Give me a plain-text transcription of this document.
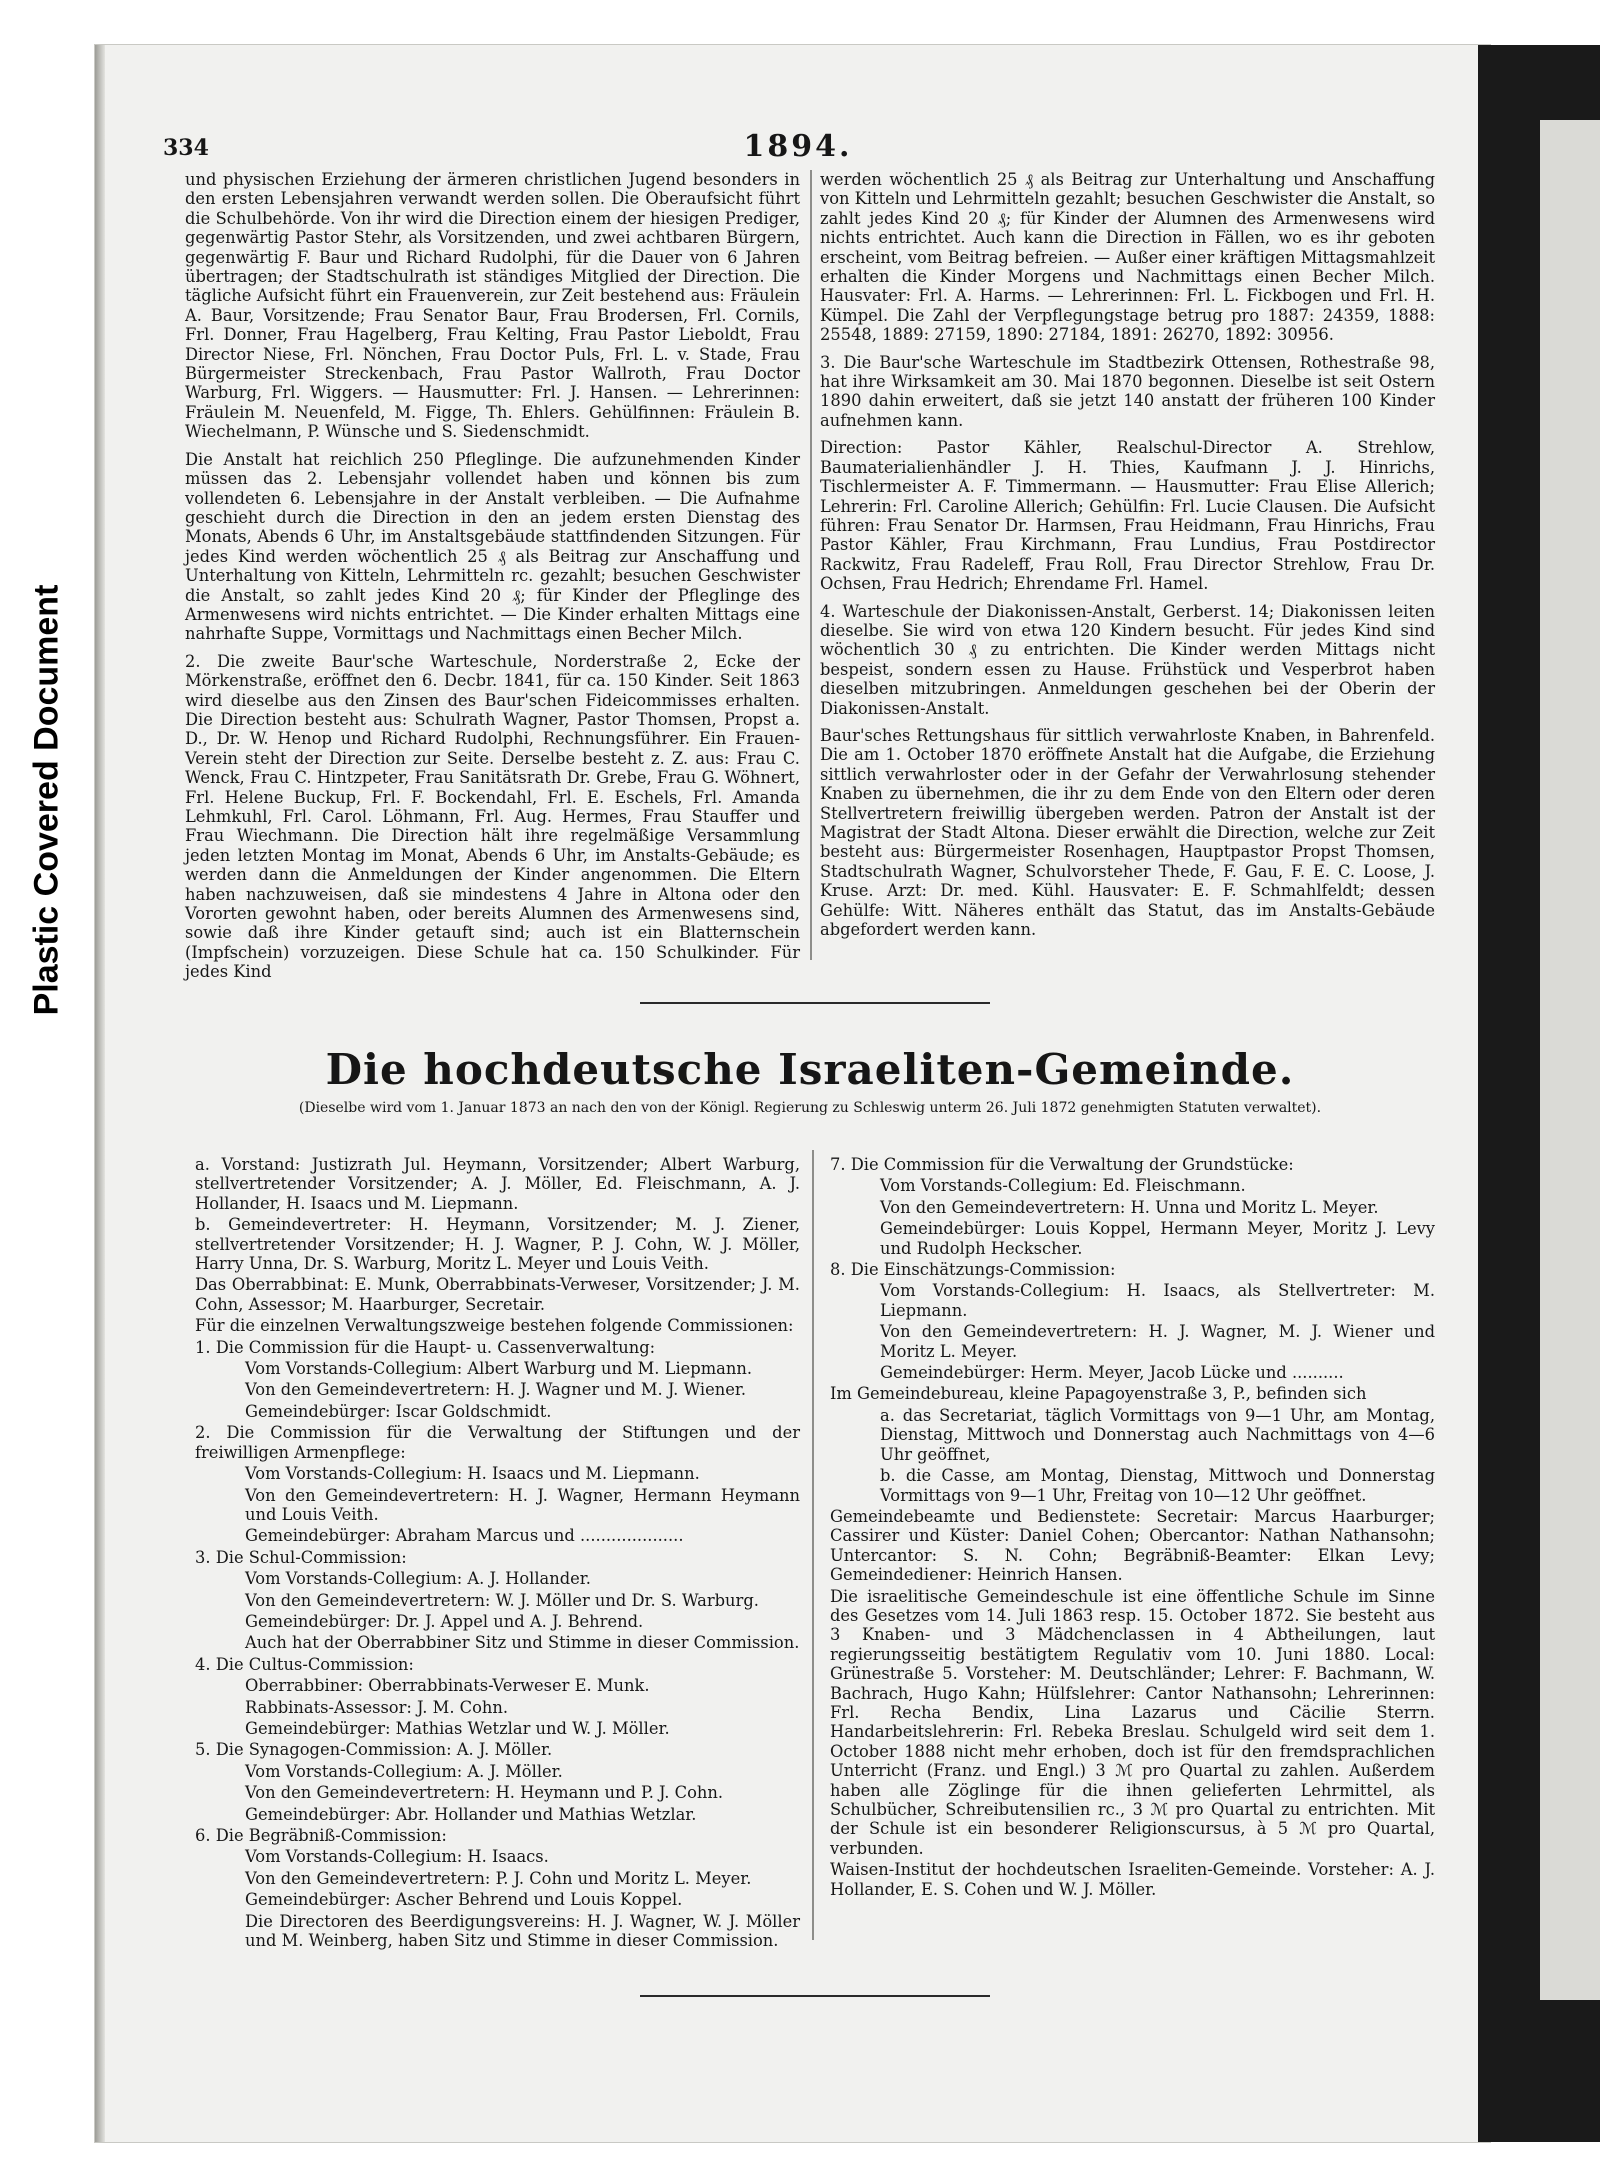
Plastic Covered Document
334	1894.

und physischen Erziehung der ärmeren christlichen Jugend besonders in den ersten Lebensjahren verwandt werden sollen. Die Oberaufsicht führt die Schulbehörde. Von ihr wird die Direction einem der hiesigen Prediger, gegenwärtig Pastor Stehr, als Vorsitzenden, und zwei achtbaren Bürgern, gegenwärtig F. Baur und Richard Rudolphi, für die Dauer von 6 Jahren übertragen; der Stadtschulrath ist ständiges Mitglied der Direction. Die tägliche Aufsicht führt ein Frauenverein, zur Zeit bestehend aus: Fräulein A. Baur, Vorsitzende; Frau Senator Baur, Frau Brodersen, Frl. Cornils, Frl. Donner, Frau Hagelberg, Frau Kelting, Frau Pastor Lieboldt, Frau Director Niese, Frl. Nönchen, Frau Doctor Puls, Frl. L. v. Stade, Frau Bürgermeister Streckenbach, Frau Pastor Wallroth, Frau Doctor Warburg, Frl. Wiggers. — Hausmutter: Frl. J. Hansen. — Lehrerinnen: Fräulein M. Neuenfeld, M. Figge, Th. Ehlers. Gehülfinnen: Fräulein B. Wiechelmann, P. Wünsche und S. Siedenschmidt.

Die Anstalt hat reichlich 250 Pfleglinge. Die aufzunehmenden Kinder müssen das 2. Lebensjahr vollendet haben und können bis zum vollendeten 6. Lebensjahre in der Anstalt verbleiben. — Die Aufnahme geschieht durch die Direction in den an jedem ersten Dienstag des Monats, Abends 6 Uhr, im Anstaltsgebäude stattfindenden Sitzungen. Für jedes Kind werden wöchentlich 25 ₰ als Beitrag zur Anschaffung und Unterhaltung von Kitteln, Lehrmitteln rc. gezahlt; besuchen Geschwister die Anstalt, so zahlt jedes Kind 20 ₰; für Kinder der Pfleglinge des Armenwesens wird nichts entrichtet. — Die Kinder erhalten Mittags eine nahrhafte Suppe, Vormittags und Nachmittags einen Becher Milch.

2. Die zweite Baur'sche Warteschule, Norderstraße 2, Ecke der Mörkenstraße, eröffnet den 6. Decbr. 1841, für ca. 150 Kinder. Seit 1863 wird dieselbe aus den Zinsen des Baur'schen Fideicommisses erhalten. Die Direction besteht aus: Schulrath Wagner, Pastor Thomsen, Propst a. D., Dr. W. Henop und Richard Rudolphi, Rechnungsführer. Ein Frauen-Verein steht der Direction zur Seite. Derselbe besteht z. Z. aus: Frau C. Wenck, Frau C. Hintzpeter, Frau Sanitätsrath Dr. Grebe, Frau G. Wöhnert, Frl. Helene Buckup, Frl. F. Bockendahl, Frl. E. Eschels, Frl. Amanda Lehmkuhl, Frl. Carol. Löhmann, Frl. Aug. Hermes, Frau Stauffer und Frau Wiechmann. Die Direction hält ihre regelmäßige Versammlung jeden letzten Montag im Monat, Abends 6 Uhr, im Anstalts-Gebäude; es werden dann die Anmeldungen der Kinder angenommen. Die Eltern haben nachzuweisen, daß sie mindestens 4 Jahre in Altona oder den Vororten gewohnt haben, oder bereits Alumnen des Armenwesens sind, sowie daß ihre Kinder getauft sind; auch ist ein Blatternschein (Impfschein) vorzuzeigen. Diese Schule hat ca. 150 Schulkinder. Für jedes Kind

werden wöchentlich 25 ₰ als Beitrag zur Unterhaltung und Anschaffung von Kitteln und Lehrmitteln gezahlt; besuchen Geschwister die Anstalt, so zahlt jedes Kind 20 ₰; für Kinder der Alumnen des Armenwesens wird nichts entrichtet. Auch kann die Direction in Fällen, wo es ihr geboten erscheint, vom Beitrag befreien. — Außer einer kräftigen Mittagsmahlzeit erhalten die Kinder Morgens und Nachmittags einen Becher Milch. Hausvater: Frl. A. Harms. — Lehrerinnen: Frl. L. Fickbogen und Frl. H. Kümpel. Die Zahl der Verpflegungstage betrug pro 1887: 24359, 1888: 25548, 1889: 27159, 1890: 27184, 1891: 26270, 1892: 30956.

3. Die Baur'sche Warteschule im Stadtbezirk Ottensen, Rothestraße 98, hat ihre Wirksamkeit am 30. Mai 1870 begonnen. Dieselbe ist seit Ostern 1890 dahin erweitert, daß sie jetzt 140 anstatt der früheren 100 Kinder aufnehmen kann.

Direction: Pastor Kähler, Realschul-Director A. Strehlow, Baumaterialienhändler J. H. Thies, Kaufmann J. J. Hinrichs, Tischlermeister A. F. Timmermann. — Hausmutter: Frau Elise Allerich; Lehrerin: Frl. Caroline Allerich; Gehülfin: Frl. Lucie Clausen. Die Aufsicht führen: Frau Senator Dr. Harmsen, Frau Heidmann, Frau Hinrichs, Frau Pastor Kähler, Frau Kirchmann, Frau Lundius, Frau Postdirector Rackwitz, Frau Radeleff, Frau Roll, Frau Director Strehlow, Frau Dr. Ochsen, Frau Hedrich; Ehrendame Frl. Hamel.

4. Warteschule der Diakonissen-Anstalt, Gerberst. 14; Diakonissen leiten dieselbe. Sie wird von etwa 120 Kindern besucht. Für jedes Kind sind wöchentlich 30 ₰ zu entrichten. Die Kinder werden Mittags nicht bespeist, sondern essen zu Hause. Frühstück und Vesperbrot haben dieselben mitzubringen. Anmeldungen geschehen bei der Oberin der Diakonissen-Anstalt.

Baur'sches Rettungshaus für sittlich verwahrloste Knaben, in Bahrenfeld. Die am 1. October 1870 eröffnete Anstalt hat die Aufgabe, die Erziehung sittlich verwahrloster oder in der Gefahr der Verwahrlosung stehender Knaben zu übernehmen, die ihr zu dem Ende von den Eltern oder deren Stellvertretern freiwillig übergeben werden. Patron der Anstalt ist der Magistrat der Stadt Altona. Dieser erwählt die Direction, welche zur Zeit besteht aus: Bürgermeister Rosenhagen, Hauptpastor Propst Thomsen, Stadtschulrath Wagner, Schulvorsteher Thede, F. Gau, F. E. C. Loose, J. Kruse. Arzt: Dr. med. Kühl. Hausvater: E. F. Schmahlfeldt; dessen Gehülfe: Witt. Näheres enthält das Statut, das im Anstalts-Gebäude abgefordert werden kann.

Die hochdeutsche Israeliten-Gemeinde.
(Dieselbe wird vom 1. Januar 1873 an nach den von der Königl. Regierung zu Schleswig unterm 26. Juli 1872 genehmigten Statuten verwaltet).

a. Vorstand: Justizrath Jul. Heymann, Vorsitzender; Albert Warburg, stellvertretender Vorsitzender; A. J. Möller, Ed. Fleischmann, A. J. Hollander, H. Isaacs und M. Liepmann.

b. Gemeindevertreter: H. Heymann, Vorsitzender; M. J. Ziener, stellvertretender Vorsitzender; H. J. Wagner, P. J. Cohn, W. J. Möller, Harry Unna, Dr. S. Warburg, Moritz L. Meyer und Louis Veith.

Das Oberrabbinat: E. Munk, Oberrabbinats-Verweser, Vorsitzender; J. M. Cohn, Assessor; M. Haarburger, Secretair.

Für die einzelnen Verwaltungszweige bestehen folgende Commissionen:

1. Die Commission für die Haupt- u. Cassenverwaltung:

Vom Vorstands-Collegium: Albert Warburg und M. Liepmann.

Von den Gemeindevertretern: H. J. Wagner und M. J. Wiener.

Gemeindebürger: Iscar Goldschmidt.

2. Die Commission für die Verwaltung der Stiftungen und der freiwilligen Armenpflege:

Vom Vorstands-Collegium: H. Isaacs und M. Liepmann.

Von den Gemeindevertretern: H. J. Wagner, Hermann Heymann und Louis Veith.

Gemeindebürger: Abraham Marcus und ....................

3. Die Schul-Commission:

Vom Vorstands-Collegium: A. J. Hollander.

Von den Gemeindevertretern: W. J. Möller und Dr. S. Warburg.

Gemeindebürger: Dr. J. Appel und A. J. Behrend.

Auch hat der Oberrabbiner Sitz und Stimme in dieser Commission.

4. Die Cultus-Commission:

Oberrabbiner: Oberrabbinats-Verweser E. Munk.

Rabbinats-Assessor: J. M. Cohn.

Gemeindebürger: Mathias Wetzlar und W. J. Möller.

5. Die Synagogen-Commission: A. J. Möller.

Vom Vorstands-Collegium: A. J. Möller.

Von den Gemeindevertretern: H. Heymann und P. J. Cohn.

Gemeindebürger: Abr. Hollander und Mathias Wetzlar.

6. Die Begräbniß-Commission:

Vom Vorstands-Collegium: H. Isaacs.

Von den Gemeindevertretern: P. J. Cohn und Moritz L. Meyer.

Gemeindebürger: Ascher Behrend und Louis Koppel.

Die Directoren des Beerdigungsvereins: H. J. Wagner, W. J. Möller und M. Weinberg, haben Sitz und Stimme in dieser Commission.

7. Die Commission für die Verwaltung der Grundstücke:

Vom Vorstands-Collegium: Ed. Fleischmann.

Von den Gemeindevertretern: H. Unna und Moritz L. Meyer.

Gemeindebürger: Louis Koppel, Hermann Meyer, Moritz J. Levy und Rudolph Heckscher.

8. Die Einschätzungs-Commission:

Vom Vorstands-Collegium: H. Isaacs, als Stellvertreter: M. Liepmann.

Von den Gemeindevertretern: H. J. Wagner, M. J. Wiener und Moritz L. Meyer.

Gemeindebürger: Herm. Meyer, Jacob Lücke und ..........

Im Gemeindebureau, kleine Papagoyenstraße 3, P., befinden sich

a. das Secretariat, täglich Vormittags von 9—1 Uhr, am Montag, Dienstag, Mittwoch und Donnerstag auch Nachmittags von 4—6 Uhr geöffnet,

b. die Casse, am Montag, Dienstag, Mittwoch und Donnerstag Vormittags von 9—1 Uhr, Freitag von 10—12 Uhr geöffnet.

Gemeindebeamte und Bedienstete: Secretair: Marcus Haarburger; Cassirer und Küster: Daniel Cohen; Obercantor: Nathan Nathansohn; Untercantor: S. N. Cohn; Begräbniß-Beamter: Elkan Levy; Gemeindediener: Heinrich Hansen.

Die israelitische Gemeindeschule ist eine öffentliche Schule im Sinne des Gesetzes vom 14. Juli 1863 resp. 15. October 1872. Sie besteht aus 3 Knaben- und 3 Mädchenclassen in 4 Abtheilungen, laut regierungsseitig bestätigtem Regulativ vom 10. Juni 1880. Local: Grünestraße 5. Vorsteher: M. Deutschländer; Lehrer: F. Bachmann, W. Bachrach, Hugo Kahn; Hülfslehrer: Cantor Nathansohn; Lehrerinnen: Frl. Recha Bendix, Lina Lazarus und Cäcilie Sterrn. Handarbeitslehrerin: Frl. Rebeka Breslau. Schulgeld wird seit dem 1. October 1888 nicht mehr erhoben, doch ist für den fremdsprachlichen Unterricht (Franz. und Engl.) 3 ℳ pro Quartal zu zahlen. Außerdem haben alle Zöglinge für die ihnen gelieferten Lehrmittel, als Schulbücher, Schreibutensilien rc., 3 ℳ pro Quartal zu entrichten. Mit der Schule ist ein besonderer Religionscursus, à 5 ℳ pro Quartal, verbunden.

Waisen-Institut der hochdeutschen Israeliten-Gemeinde. Vorsteher: A. J. Hollander, E. S. Cohen und W. J. Möller.
